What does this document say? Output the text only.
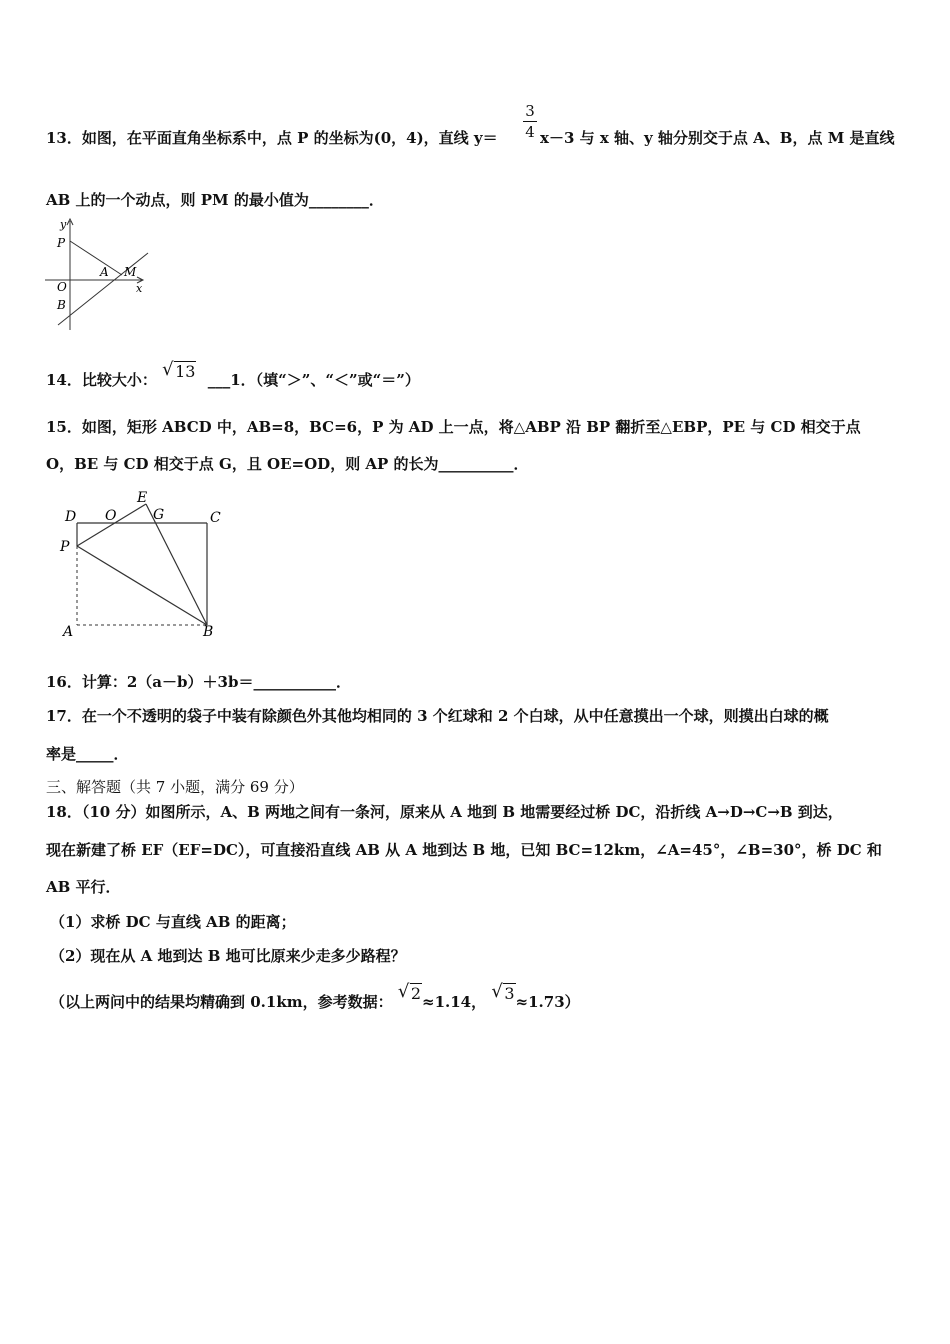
$\frac{3}{4}$
13．如图，在平面直角坐标系中，点 P 的坐标为(0，4)，直线 y＝	x－3 与 x 轴、y 轴分别交于点 A、B，点 M 是直线
AB 上的一个动点，则 PM 的最小值为________．
y
P
O
B
A M
x
14．比较大小： √ 13 ___1．（填“＞”、“＜”或“＝”）
15．如图，矩形 ABCD 中，AB=8，BC=6，P 为 AD 上一点，将△ABP 沿 BP 翻折至△EBP，PE 与 CD 相交于点
O，BE 与 CD 相交于点 G，且 OE=OD，则 AP 的长为__________．
D O
E
G	C
P
A	B
16．计算：2（a－b）＋3b＝___________．
17．在一个不透明的袋子中装有除颜色外其他均相同的 3 个红球和 2 个白球，从中任意摸出一个球，则摸出白球的概
率是_____．
三、解答题（共 7 小题，满分 69 分）
18．（10 分）如图所示，A、B 两地之间有一条河，原来从 A 地到 B 地需要经过桥 DC，沿折线 A→D→C→B 到达，
现在新建了桥 EF（EF=DC），可直接沿直线 AB 从 A 地到达 B 地，已知 BC=12km，∠A=45°，∠B=30°，桥 DC 和
AB 平行．
（1）求桥 DC 与直线 AB 的距离；
（2）现在从 A 地到达 B 地可比原来少走多少路程？
（以上两问中的结果均精确到 0.1km，参考数据： √ 2≈1.14， √ 3≈1.73）
